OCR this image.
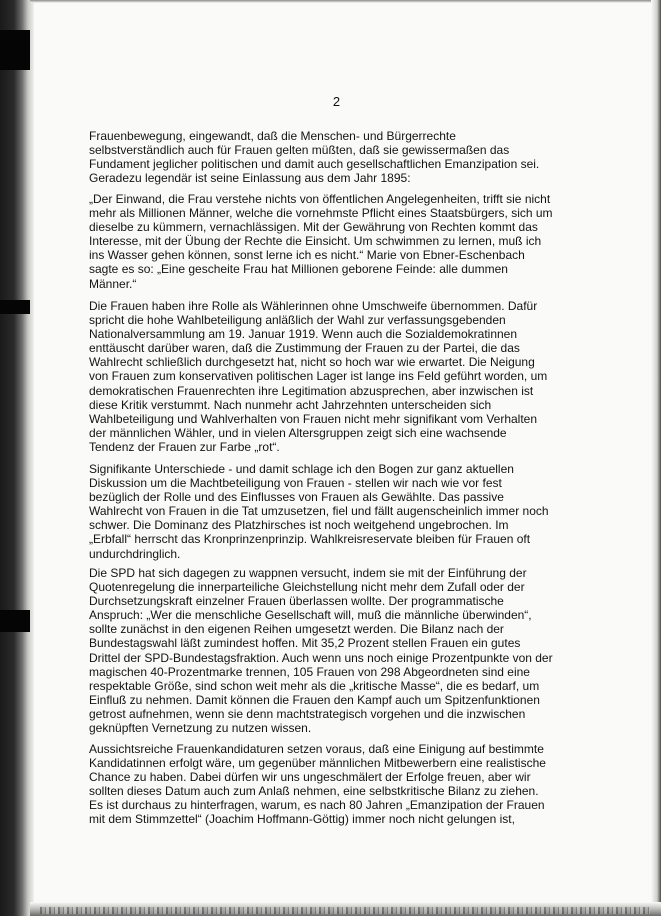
2
Frauenbewegung, eingewandt, daß die Menschen- und Bürgerrechte
selbstverständlich auch für Frauen gelten müßten, daß sie gewissermaßen das
Fundament jeglicher politischen und damit auch gesellschaftlichen Emanzipation sei.
Geradezu legendär ist seine Einlassung aus dem Jahr 1895:
„Der Einwand, die Frau verstehe nichts von öffentlichen Angelegenheiten, trifft sie nicht
mehr als Millionen Männer, welche die vornehmste Pflicht eines Staatsbürgers, sich um
dieselbe zu kümmern, vernachlässigen. Mit der Gewährung von Rechten kommt das
Interesse, mit der Übung der Rechte die Einsicht. Um schwimmen zu lernen, muß ich
ins Wasser gehen können, sonst lerne ich es nicht.“ Marie von Ebner-Eschenbach
sagte es so: „Eine gescheite Frau hat Millionen geborene Feinde: alle dummen
Männer.“
Die Frauen haben ihre Rolle als Wählerinnen ohne Umschweife übernommen. Dafür
spricht die hohe Wahlbeteiligung anläßlich der Wahl zur verfassungsgebenden
Nationalversammlung am 19. Januar 1919. Wenn auch die Sozialdemokratinnen
enttäuscht darüber waren, daß die Zustimmung der Frauen zu der Partei, die das
Wahlrecht schließlich durchgesetzt hat, nicht so hoch war wie erwartet. Die Neigung
von Frauen zum konservativen politischen Lager ist lange ins Feld geführt worden, um
demokratischen Frauenrechten ihre Legitimation abzusprechen, aber inzwischen ist
diese Kritik verstummt. Nach nunmehr acht Jahrzehnten unterscheiden sich
Wahlbeteiligung und Wahlverhalten von Frauen nicht mehr signifikant vom Verhalten
der männlichen Wähler, und in vielen Altersgruppen zeigt sich eine wachsende
Tendenz der Frauen zur Farbe „rot“.
Signifikante Unterschiede - und damit schlage ich den Bogen zur ganz aktuellen
Diskussion um die Machtbeteiligung von Frauen - stellen wir nach wie vor fest
bezüglich der Rolle und des Einflusses von Frauen als Gewählte. Das passive
Wahlrecht von Frauen in die Tat umzusetzen, fiel und fällt augenscheinlich immer noch
schwer. Die Dominanz des Platzhirsches ist noch weitgehend ungebrochen. Im
„Erbfall“ herrscht das Kronprinzenprinzip. Wahlkreisreservate bleiben für Frauen oft
undurchdringlich.
Die SPD hat sich dagegen zu wappnen versucht, indem sie mit der Einführung der
Quotenregelung die innerparteiliche Gleichstellung nicht mehr dem Zufall oder der
Durchsetzungskraft einzelner Frauen überlassen wollte. Der programmatische
Anspruch: „Wer die menschliche Gesellschaft will, muß die männliche überwinden“,
sollte zunächst in den eigenen Reihen umgesetzt werden. Die Bilanz nach der
Bundestagswahl läßt zumindest hoffen. Mit 35,2 Prozent stellen Frauen ein gutes
Drittel der SPD-Bundestagsfraktion. Auch wenn uns noch einige Prozentpunkte von der
magischen 40-Prozentmarke trennen, 105 Frauen von 298 Abgeordneten sind eine
respektable Größe, sind schon weit mehr als die „kritische Masse“, die es bedarf, um
Einfluß zu nehmen. Damit können die Frauen den Kampf auch um Spitzenfunktionen
getrost aufnehmen, wenn sie denn machtstrategisch vorgehen und die inzwischen
geknüpften Vernetzung zu nutzen wissen.
Aussichtsreiche Frauenkandidaturen setzen voraus, daß eine Einigung auf bestimmte
Kandidatinnen erfolgt wäre, um gegenüber männlichen Mitbewerbern eine realistische
Chance zu haben. Dabei dürfen wir uns ungeschmälert der Erfolge freuen, aber wir
sollten dieses Datum auch zum Anlaß nehmen, eine selbstkritische Bilanz zu ziehen.
Es ist durchaus zu hinterfragen, warum, es nach 80 Jahren „Emanzipation der Frauen
mit dem Stimmzettel“ (Joachim Hoffmann-Göttig) immer noch nicht gelungen ist,
